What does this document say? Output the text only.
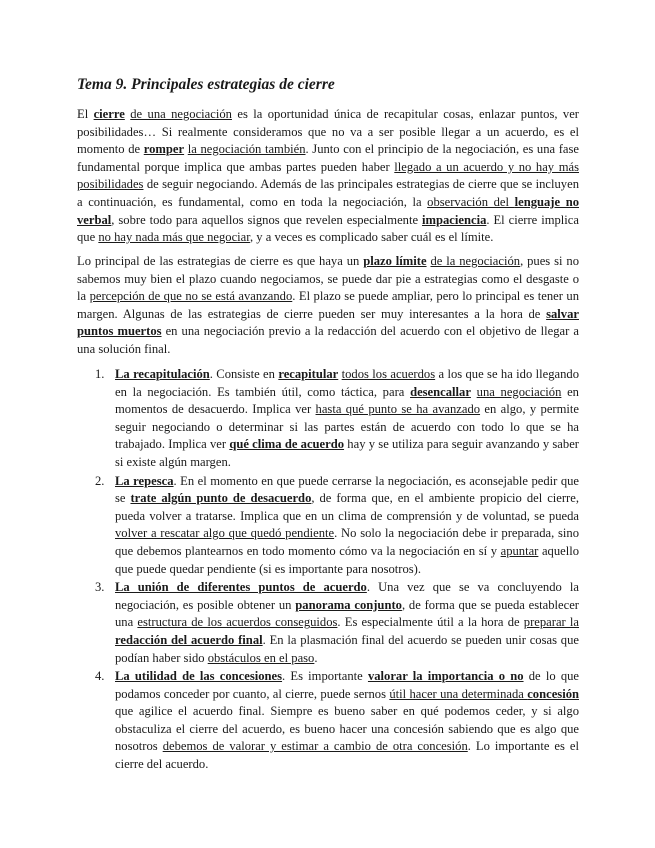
Tema 9. Principales estrategias de cierre

El cierre de una negociación es la oportunidad única de recapitular cosas, enlazar puntos, ver posibilidades… Si realmente consideramos que no va a ser posible llegar a un acuerdo, es el momento de romper la negociación también. Junto con el principio de la negociación, es una fase fundamental porque implica que ambas partes pueden haber llegado a un acuerdo y no hay más posibilidades de seguir negociando. Además de las principales estrategias de cierre que se incluyen a continuación, es fundamental, como en toda la negociación, la observación del lenguaje no verbal, sobre todo para aquellos signos que revelen especialmente impaciencia. El cierre implica que no hay nada más que negociar, y a veces es complicado saber cuál es el límite.

Lo principal de las estrategias de cierre es que haya un plazo límite de la negociación, pues si no sabemos muy bien el plazo cuando negociamos, se puede dar pie a estrategias como el desgaste o la percepción de que no se está avanzando. El plazo se puede ampliar, pero lo principal es tener un margen. Algunas de las estrategias de cierre pueden ser muy interesantes a la hora de salvar puntos muertos en una negociación previo a la redacción del acuerdo con el objetivo de llegar a una solución final.

1. La recapitulación. Consiste en recapitular todos los acuerdos a los que se ha ido llegando en la negociación. Es también útil, como táctica, para desencallar una negociación en momentos de desacuerdo. Implica ver hasta qué punto se ha avanzado en algo, y permite seguir negociando o determinar si las partes están de acuerdo con todo lo que se ha trabajado. Implica ver qué clima de acuerdo hay y se utiliza para seguir avanzando y saber si existe algún margen.
2. La repesca. En el momento en que puede cerrarse la negociación, es aconsejable pedir que se trate algún punto de desacuerdo, de forma que, en el ambiente propicio del cierre, pueda volver a tratarse. Implica que en un clima de comprensión y de voluntad, se pueda volver a rescatar algo que quedó pendiente. No solo la negociación debe ir preparada, sino que debemos plantearnos en todo momento cómo va la negociación en sí y apuntar aquello que puede quedar pendiente (si es importante para nosotros).
3. La unión de diferentes puntos de acuerdo. Una vez que se va concluyendo la negociación, es posible obtener un panorama conjunto, de forma que se pueda establecer una estructura de los acuerdos conseguidos. Es especialmente útil a la hora de preparar la redacción del acuerdo final. En la plasmación final del acuerdo se pueden unir cosas que podían haber sido obstáculos en el paso.
4. La utilidad de las concesiones. Es importante valorar la importancia o no de lo que podamos conceder por cuanto, al cierre, puede sernos útil hacer una determinada concesión que agilice el acuerdo final. Siempre es bueno saber en qué podemos ceder, y si algo obstaculiza el cierre del acuerdo, es bueno hacer una concesión sabiendo que es algo que nosotros debemos de valorar y estimar a cambio de otra concesión. Lo importante es el cierre del acuerdo.
